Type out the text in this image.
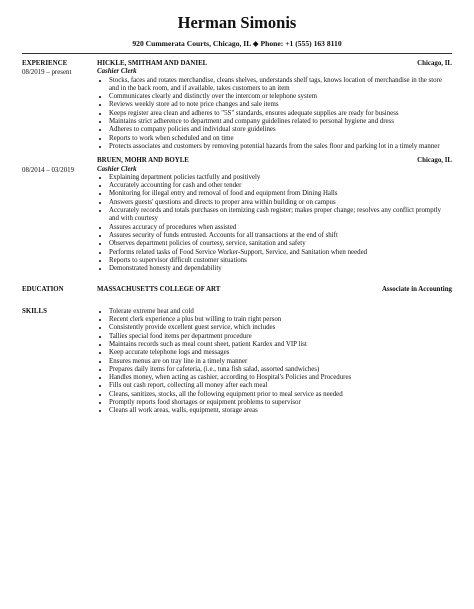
Herman Simonis
920 Cummerata Courts, Chicago, IL ◆ Phone: +1 (555) 163 8110
EXPERIENCE
08/2019 – present
HICKLE, SMITHAM AND DANIEL	Chicago, IL
Cashier Clerk
• Stocks, faces and rotates merchandise, cleans shelves, understands shelf tags, knows location of merchandise in the store and in the back room, and if available, takes customers to an item
• Communicates clearly and distinctly over the intercom or telephone system
• Reviews weekly store ad to note price changes and sale items
• Keeps register area clean and adheres to "5S" standards, ensures adequate supplies are ready for business
• Maintains strict adherence to department and company guidelines related to personal hygiene and dress
• Adheres to company policies and individual store guidelines
• Reports to work when scheduled and on time
• Protects associates and customers by removing potential hazards from the sales floor and parking lot in a timely manner

08/2014 – 03/2019
BRUEN, MOHR AND BOYLE	Chicago, IL
Cashier Clerk
• Explaining department policies tactfully and positively
• Accurately accounting for cash and other tender
• Monitoring for illegal entry and removal of food and equipment from Dining Halls
• Answers guests' questions and directs to proper area within building or on campus
• Accurately records and totals purchases on itemizing cash register; makes proper change; resolves any conflict promptly and with courtesy
• Assures accuracy of procedures when assisted
• Assures security of funds entrusted. Accounts for all transactions at the end of shift
• Observes department policies of courtesy, service, sanitation and safety
• Performs related tasks of Food Service Worker-Support, Service, and Sanitation when needed
• Reports to supervisor difficult customer situations
• Demonstrated honesty and dependability
EDUCATION	MASSACHUSETTS COLLEGE OF ART	Associate in Accounting
SKILLS
•	Tolerate extreme heat and cold
• Recent clerk experience a plus but willing to train right person
• Consistently provide excellent guest service, which includes
• Tallies special food items per department procedure
• Maintains records such as meal count sheet, patient Kardex and VIP list
• Keep accurate telephone logs and messages
• Ensures menus are on tray line in a timely manner
• Prepares daily items for cafeteria, (i.e., tuna fish salad, assorted sandwiches)
• Handles money, when acting as cashier, according to Hospital's Policies and Procedures
• Fills out cash report, collecting all money after each meal
• Cleans, sanitizes, stocks, all the following equipment prior to meal service as needed
• Promptly reports food shortages or equipment problems to supervisor
• Cleans all work areas, walls, equipment, storage areas
